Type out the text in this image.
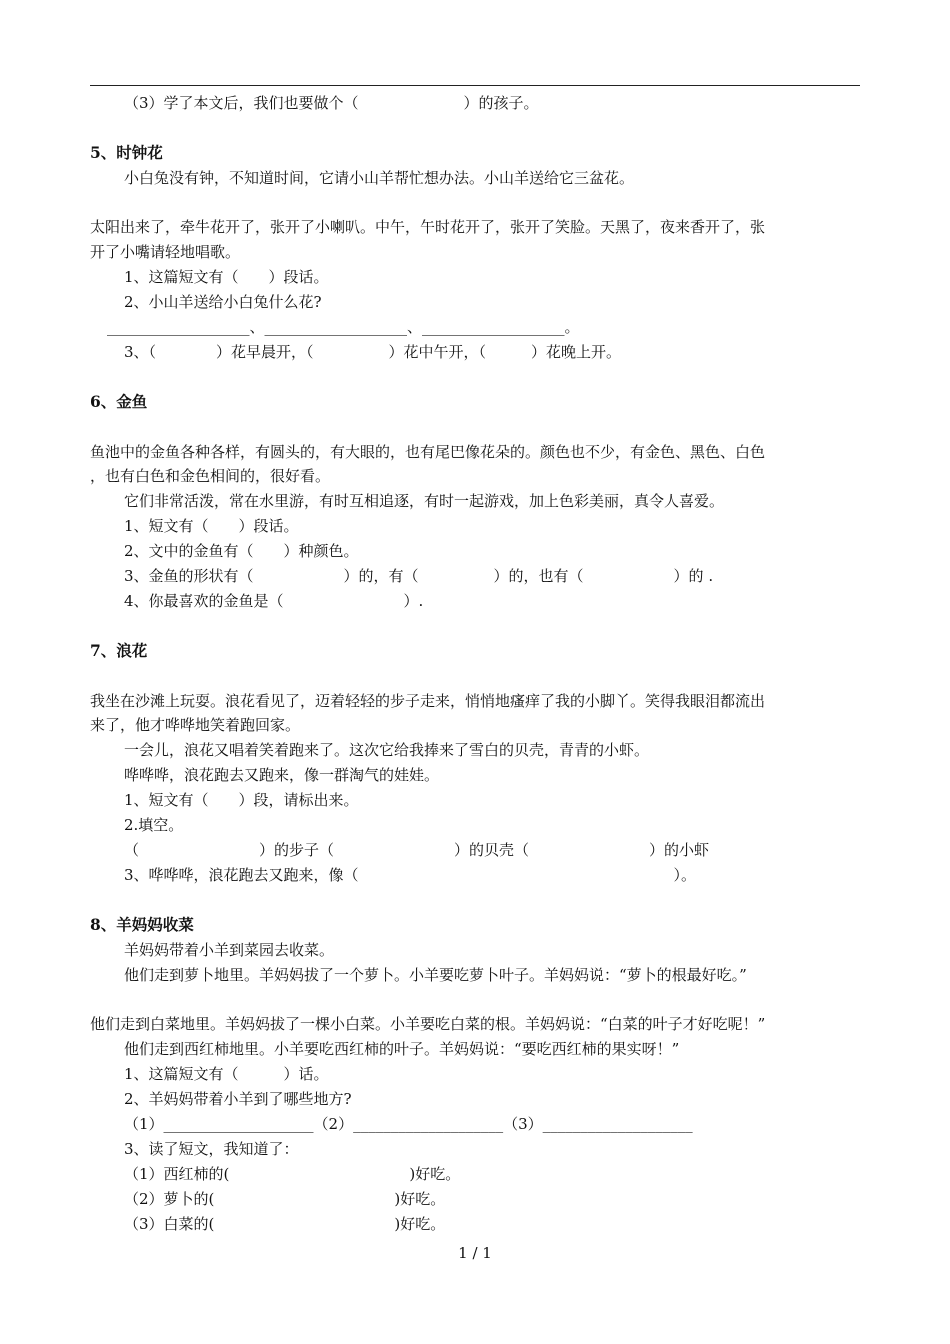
（3）学了本文后，我们也要做个（　　　　　　　）的孩子。
5、时钟花
小白兔没有钟，不知道时间，它请小山羊帮忙想办法。小山羊送给它三盆花。
太阳出来了，牵牛花开了，张开了小喇叭。中午，午时花开了，张开了笑脸。天黑了，夜来香开了，张
开了小嘴请轻地唱歌。
1、这篇短文有（　　）段话。
2、小山羊送给小白兔什么花?
___________________、___________________、___________________。
3、（　　　　）花早晨开，（　　　　　）花中午开，（　　　）花晚上开。
6、金鱼
鱼池中的金鱼各种各样，有圆头的，有大眼的，也有尾巴像花朵的。颜色也不少，有金色、黑色、白色
，也有白色和金色相间的，很好看。
它们非常活泼，常在水里游，有时互相追逐，有时一起游戏，加上色彩美丽，真令人喜爱。
1、短文有（　　）段话。
2、文中的金鱼有（　　）种颜色。
3、金鱼的形状有（　　　　　　）的，有（　　　　　）的，也有（　　　　　　）的 .
4、你最喜欢的金鱼是（　　　　　　　　）.
7、浪花
我坐在沙滩上玩耍。浪花看见了，迈着轻轻的步子走来，悄悄地瘙痒了我的小脚丫。笑得我眼泪都流出
来了，他才哗哗地笑着跑回家。
一会儿，浪花又唱着笑着跑来了。这次它给我捧来了雪白的贝壳，青青的小虾。
哗哗哗，浪花跑去又跑来，像一群淘气的娃娃。
1、短文有（　　）段，请标出来。
2.填空。
（　　　　　　　　）的步子（　　　　　　　　）的贝壳（　　　　　　　　）的小虾
3、哗哗哗，浪花跑去又跑来，像（　　　　　　　　　　　　　　　　　　　　　）。
8、羊妈妈收菜
羊妈妈带着小羊到菜园去收菜。
他们走到萝卜地里。羊妈妈拔了一个萝卜。小羊要吃萝卜叶子。羊妈妈说：“萝卜的根最好吃。”
他们走到白菜地里。羊妈妈拔了一棵小白菜。小羊要吃白菜的根。羊妈妈说：“白菜的叶子才好吃呢！”
他们走到西红柿地里。小羊要吃西红柿的叶子。羊妈妈说：“要吃西红柿的果实呀！”
1、这篇短文有（　　　）话。
2、羊妈妈带着小羊到了哪些地方?
（1）____________________（2）____________________（3）____________________
3、读了短文，我知道了：
（1）西红柿的(　　　　　　　　　　　　)好吃。
（2）萝卜的(　　　　　　　　　　　　)好吃。
（3）白菜的(　　　　　　　　　　　　)好吃。
1 / 1
